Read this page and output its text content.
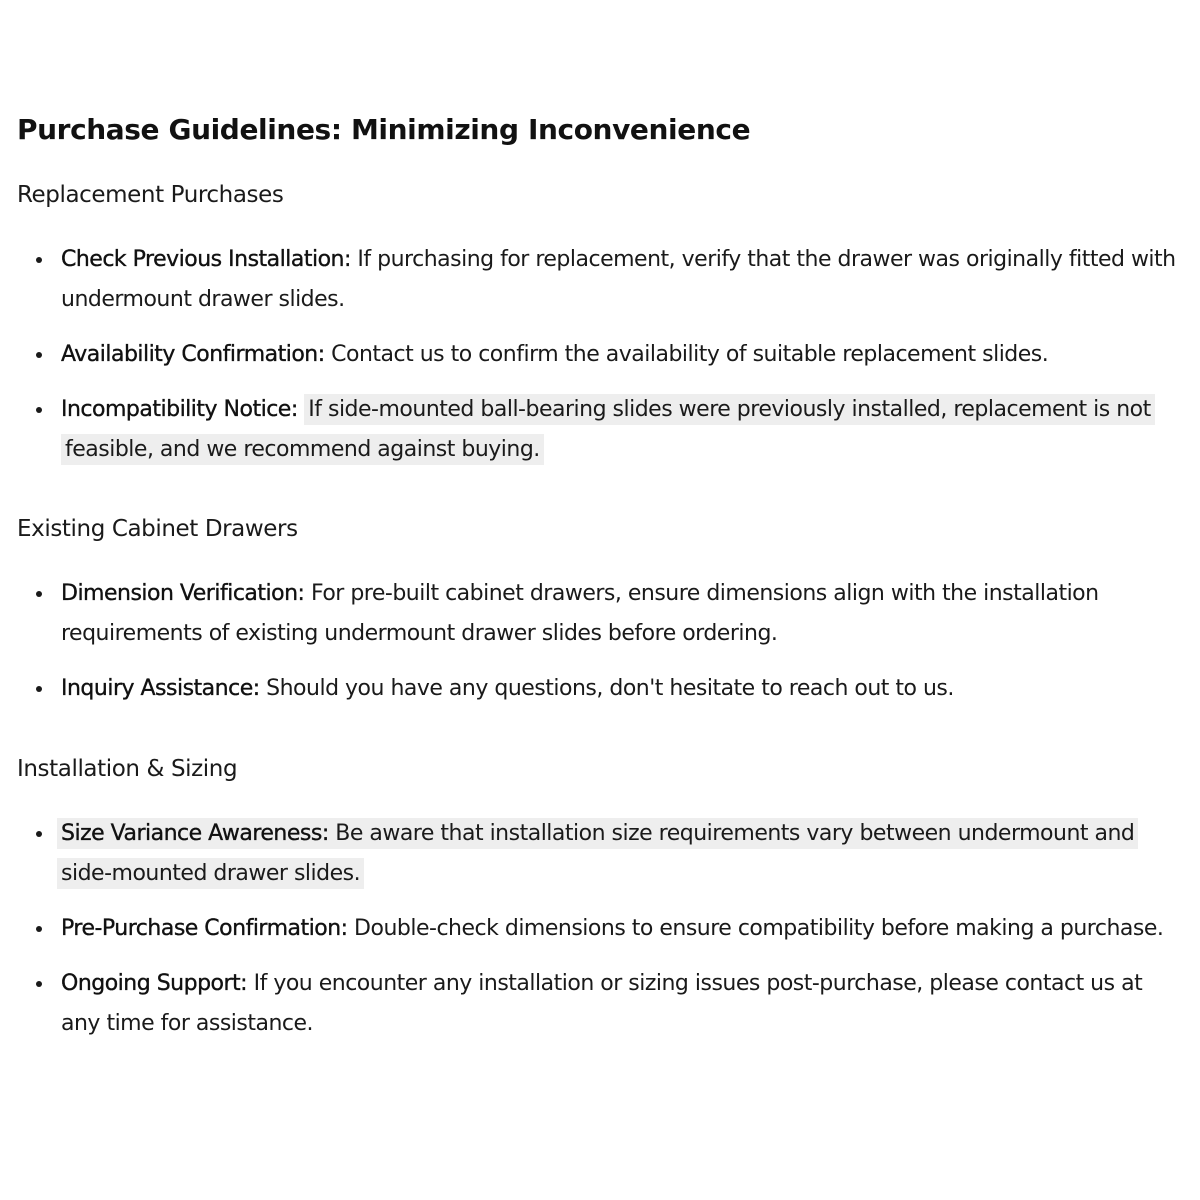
Purchase Guidelines: Minimizing Inconvenience
Replacement Purchases
Check Previous Installation: If purchasing for replacement, verify that the drawer was originally fitted with undermount drawer slides.
Availability Confirmation: Contact us to confirm the availability of suitable replacement slides.
Incompatibility Notice: If side-mounted ball-bearing slides were previously installed, replacement is not feasible, and we recommend against buying.
Existing Cabinet Drawers
Dimension Verification: For pre-built cabinet drawers, ensure dimensions align with the installation requirements of existing undermount drawer slides before ordering.
Inquiry Assistance: Should you have any questions, don't hesitate to reach out to us.
Installation & Sizing
Size Variance Awareness: Be aware that installation size requirements vary between undermount and side-mounted drawer slides.
Pre-Purchase Confirmation: Double-check dimensions to ensure compatibility before making a purchase.
Ongoing Support: If you encounter any installation or sizing issues post-purchase, please contact us at any time for assistance.
